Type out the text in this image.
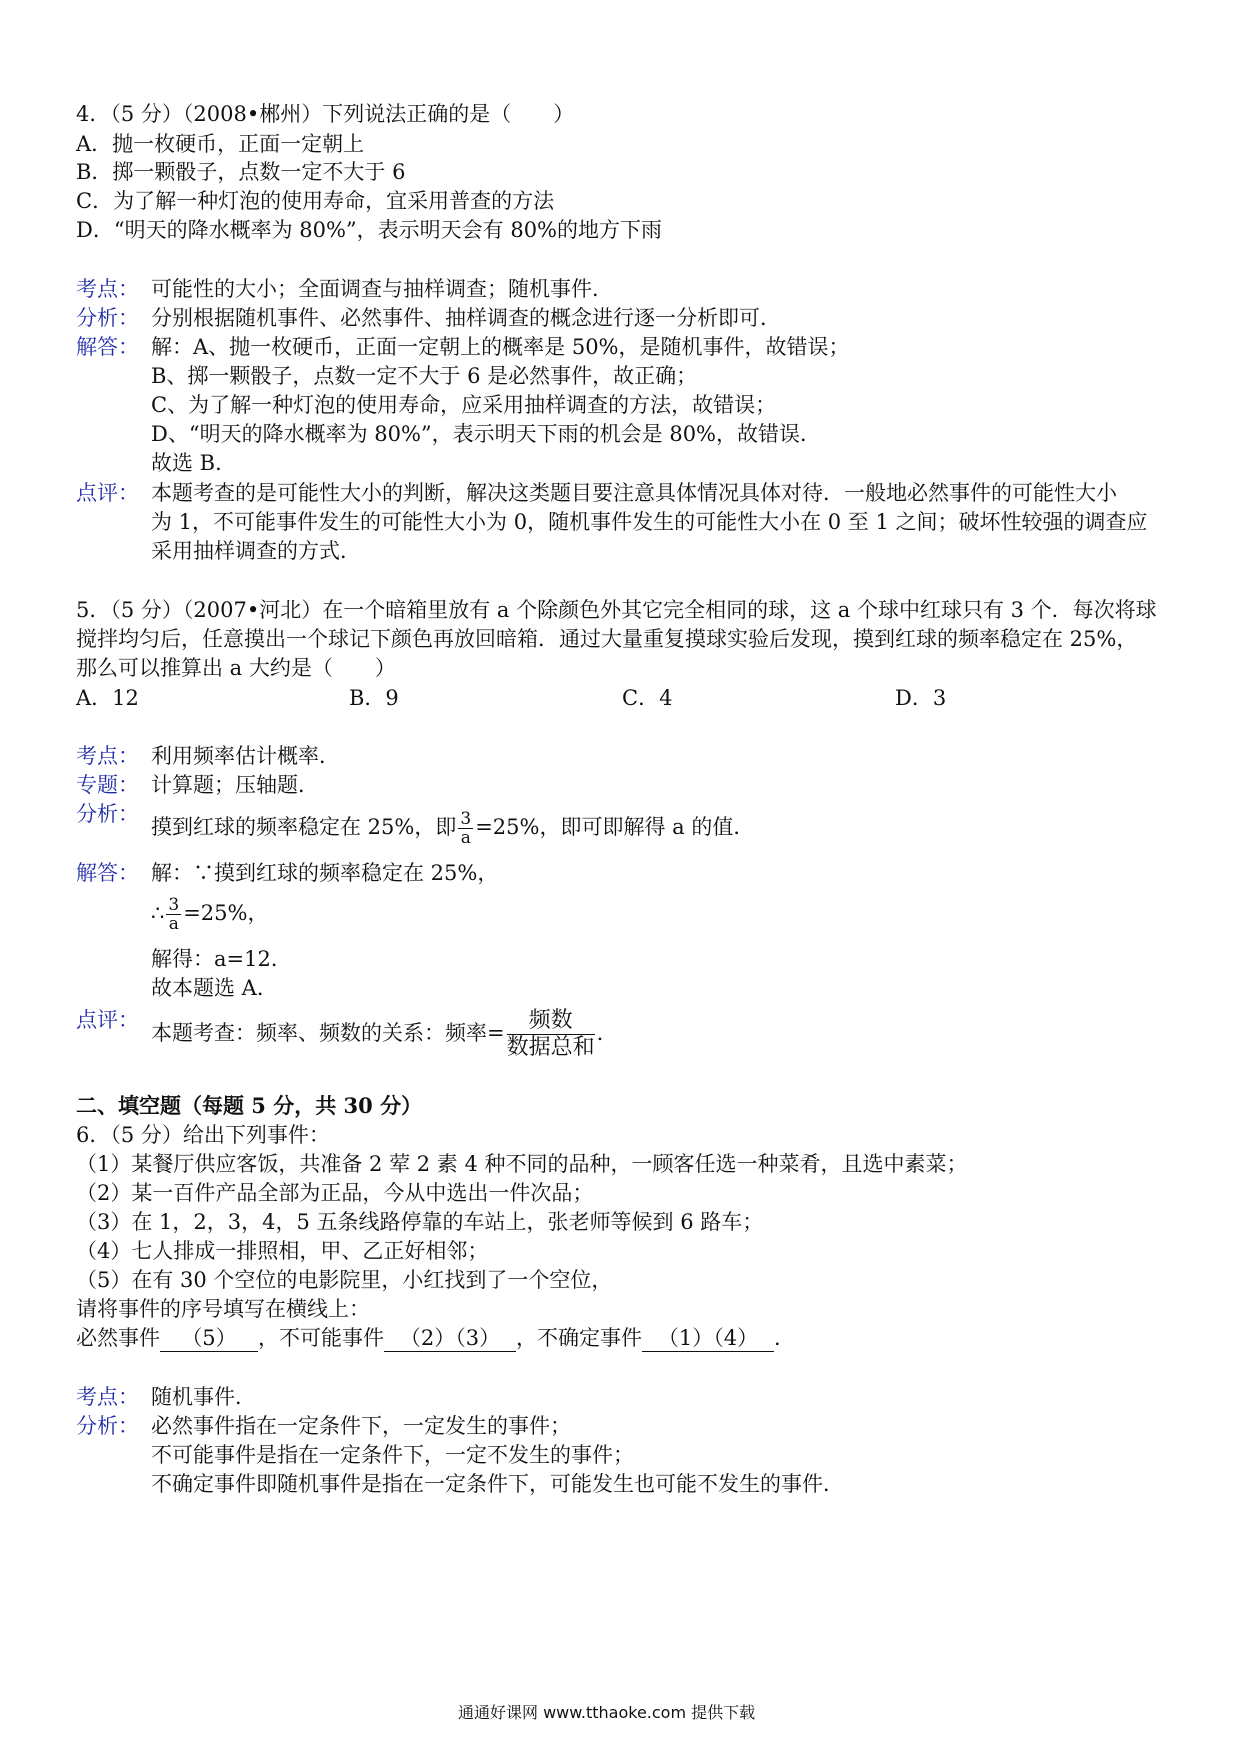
4．（5 分）（2008•郴州）下列说法正确的是（　　）
A．抛一枚硬币，正面一定朝上
B．掷一颗骰子，点数一定不大于 6
C．为了解一种灯泡的使用寿命，宜采用普查的方法
D．“明天的降水概率为 80%”，表示明天会有 80%的地方下雨
考点： 可能性的大小；全面调查与抽样调查；随机事件．
分析： 分别根据随机事件、必然事件、抽样调查的概念进行逐一分析即可．
解答： 解：A、抛一枚硬币，正面一定朝上的概率是 50%，是随机事件，故错误；
B、掷一颗骰子，点数一定不大于 6 是必然事件，故正确；
C、为了解一种灯泡的使用寿命，应采用抽样调查的方法，故错误；
D、“明天的降水概率为 80%”，表示明天下雨的机会是 80%，故错误．
故选 B．
点评： 本题考查的是可能性大小的判断，解决这类题目要注意具体情况具体对待．一般地必然事件的可能性大小
为 1，不可能事件发生的可能性大小为 0，随机事件发生的可能性大小在 0 至 1 之间；破坏性较强的调查应
采用抽样调查的方式．
5．（5 分）（2007•河北）在一个暗箱里放有 a 个除颜色外其它完全相同的球，这 a 个球中红球只有 3 个．每次将球
搅拌均匀后，任意摸出一个球记下颜色再放回暗箱．通过大量重复摸球实验后发现，摸到红球的频率稳定在 25%，
那么可以推算出 a 大约是（　　）
A．12	B．9	C．4	D．3
考点： 利用频率估计概率．
专题： 计算题；压轴题．
分析：
摸到红球的频率稳定在 25%，即 $\frac{3}{a} =25\%$，即可即解得 a 的值．
解答： 解：∵摸到红球的频率稳定在 25%，
∴ $\frac{3}{a} =25\%$，
解得：a=12．
故本题选 A．
点评：
本题考查：频率、频数的关系：频率= $\frac{\text{频数}}{\text{数据总和}}$ .
二、填空题（每题 5 分，共 30 分）
6．（5 分）给出下列事件：
（1）某餐厅供应客饭，共准备 2 荤 2 素 4 种不同的品种，一顾客任选一种菜肴，且选中素菜；
（2）某一百件产品全部为正品，今从中选出一件次品；
（3）在 1，2，3，4，5 五条线路停靠的车站上，张老师等候到 6 路车；
（4）七人排成一排照相，甲、乙正好相邻；
（5）在有 30 个空位的电影院里，小红找到了一个空位，
请将事件的序号填写在横线上：
必然事件 （5） ，不可能事件 （2）（3） ，不确定事件 （1）（4） ．
考点： 随机事件．
分析： 必然事件指在一定条件下，一定发生的事件；
不可能事件是指在一定条件下，一定不发生的事件；
不确定事件即随机事件是指在一定条件下，可能发生也可能不发生的事件．
通通好课网 www.tthaoke.com 提供下载
